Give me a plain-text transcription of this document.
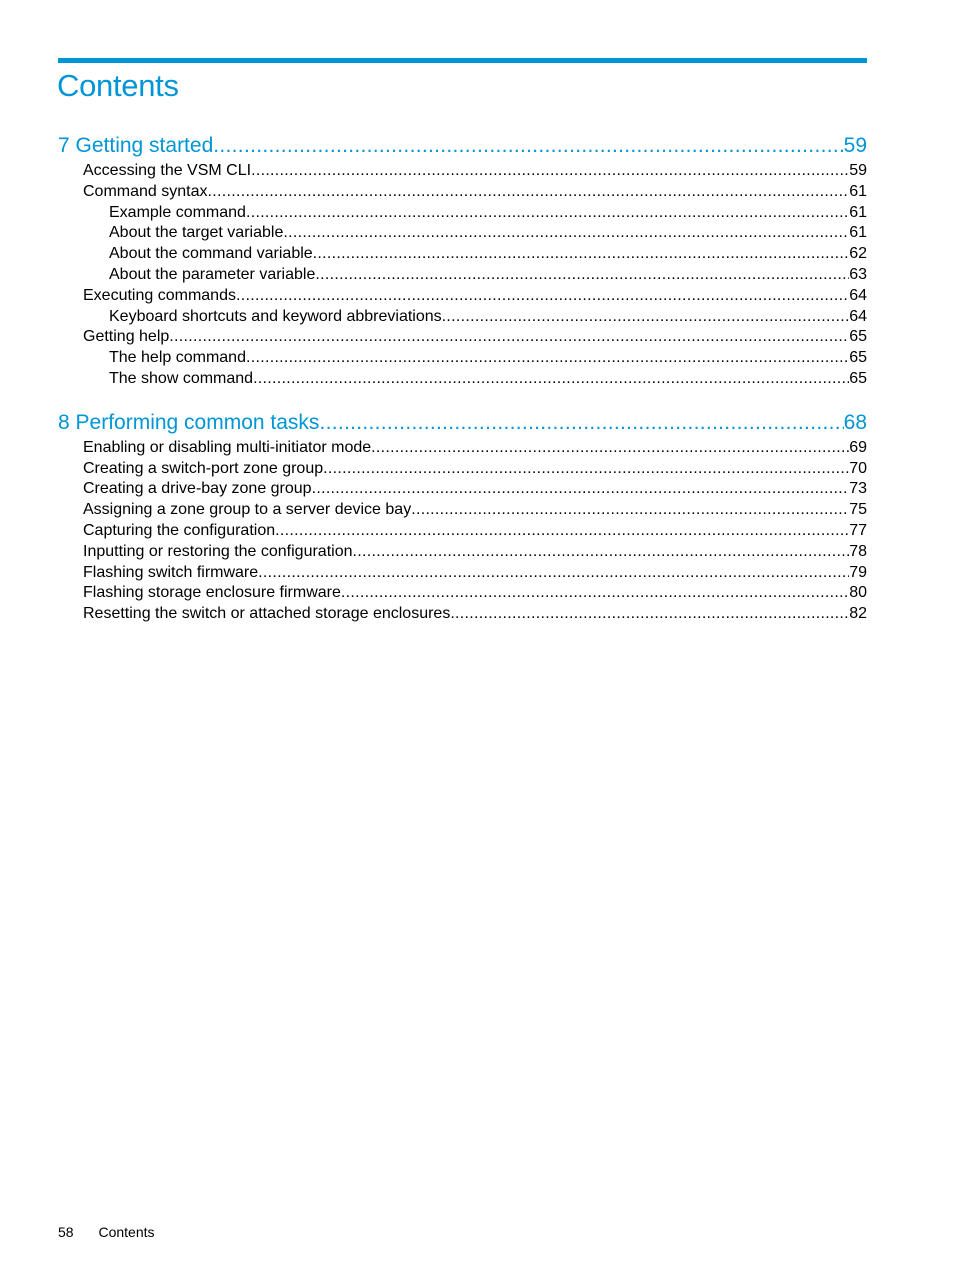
Contents
7 Getting started .....	59
Accessing the VSM CLI .....	59
Command syntax .....	61
Example command .....	61
About the target variable .....	61
About the command variable .....	62
About the parameter variable .....	63
Executing commands .....	64
Keyboard shortcuts and keyword abbreviations .....	64
Getting help .....	65
The help command .....	65
The show command .....	65
8 Performing common tasks .....	68
Enabling or disabling multi-initiator mode .....	69
Creating a switch-port zone group .....	70
Creating a drive-bay zone group .....	73
Assigning a zone group to a server device bay .....	75
Capturing the configuration .....	77
Inputting or restoring the configuration .....	78
Flashing switch firmware .....	79
Flashing storage enclosure firmware .....	80
Resetting the switch or attached storage enclosures .....	82
58 Contents
